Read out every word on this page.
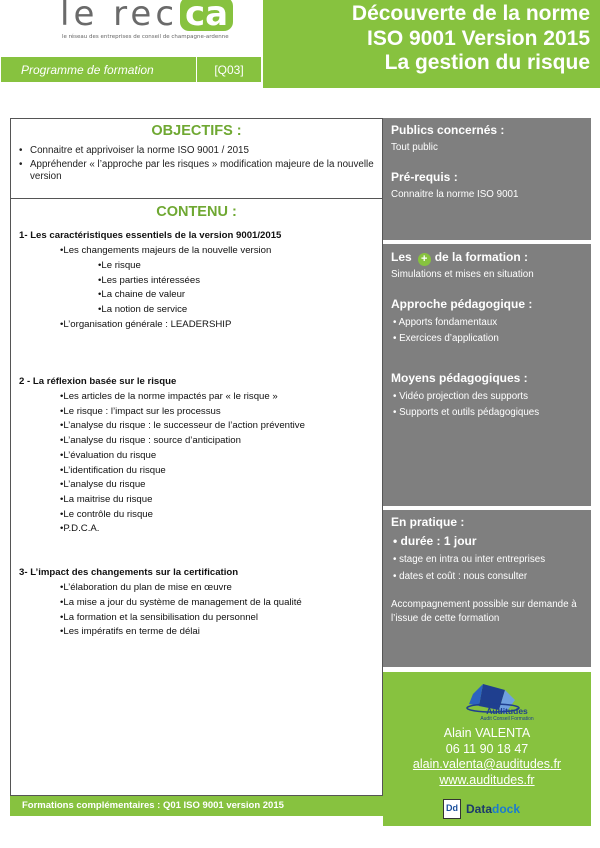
le rec ca
le réseau des entreprises de conseil de champagne-ardenne
Découverte de la norme
ISO 9001 Version 2015
La gestion du risque
Programme de formation	[Q03]
OBJECTIFS :
• Connaitre et apprivoiser la norme ISO 9001 / 2015
• Appréhender « l’approche par les risques » modification majeure de la nouvelle version
CONTENU :
1- Les caractéristiques essentiels de la version 9001/2015
•Les changements majeurs de la nouvelle version
•Le risque
•Les parties intéressées
•La chaine de valeur
•La notion de service
•L’organisation générale : LEADERSHIP
2 - La réflexion basée sur le risque
•Les articles de la norme impactés par « le risque »
•Le risque : l’impact sur les processus
•L’analyse du risque : le successeur de l’action préventive
•L’analyse du risque : source d’anticipation
•L’évaluation du risque
•L’identification du risque
•L’analyse du risque
•La maitrise du risque
•Le contrôle du risque
•P.D.C.A.
3- L’impact des changements sur la certification
•L’élaboration du plan de mise en œuvre
•La mise a jour du système de management de la qualité
•La formation et la sensibilisation du personnel
•Les impératifs en terme de délai
Publics concernés :
Tout public
Pré-requis :
Connaitre la norme ISO 9001
Les + de la formation :
Simulations et mises en situation
Approche pédagogique :
• Apports fondamentaux
• Exercices d’application
Moyens pédagogiques :
• Vidéo projection des supports
• Supports et outils pédagogiques
En pratique :
• durée : 1 jour
• stage en intra ou inter entreprises
• dates et coût : nous consulter
Accompagnement possible sur demande à l’issue de cette formation
Auditudes
Audit Conseil Formation
Alain VALENTA
06 11 90 18 47
alain.valenta@auditudes.fr
www.auditudes.fr
Dd Datadock
Formations complémentaires : Q01 ISO 9001 version 2015
